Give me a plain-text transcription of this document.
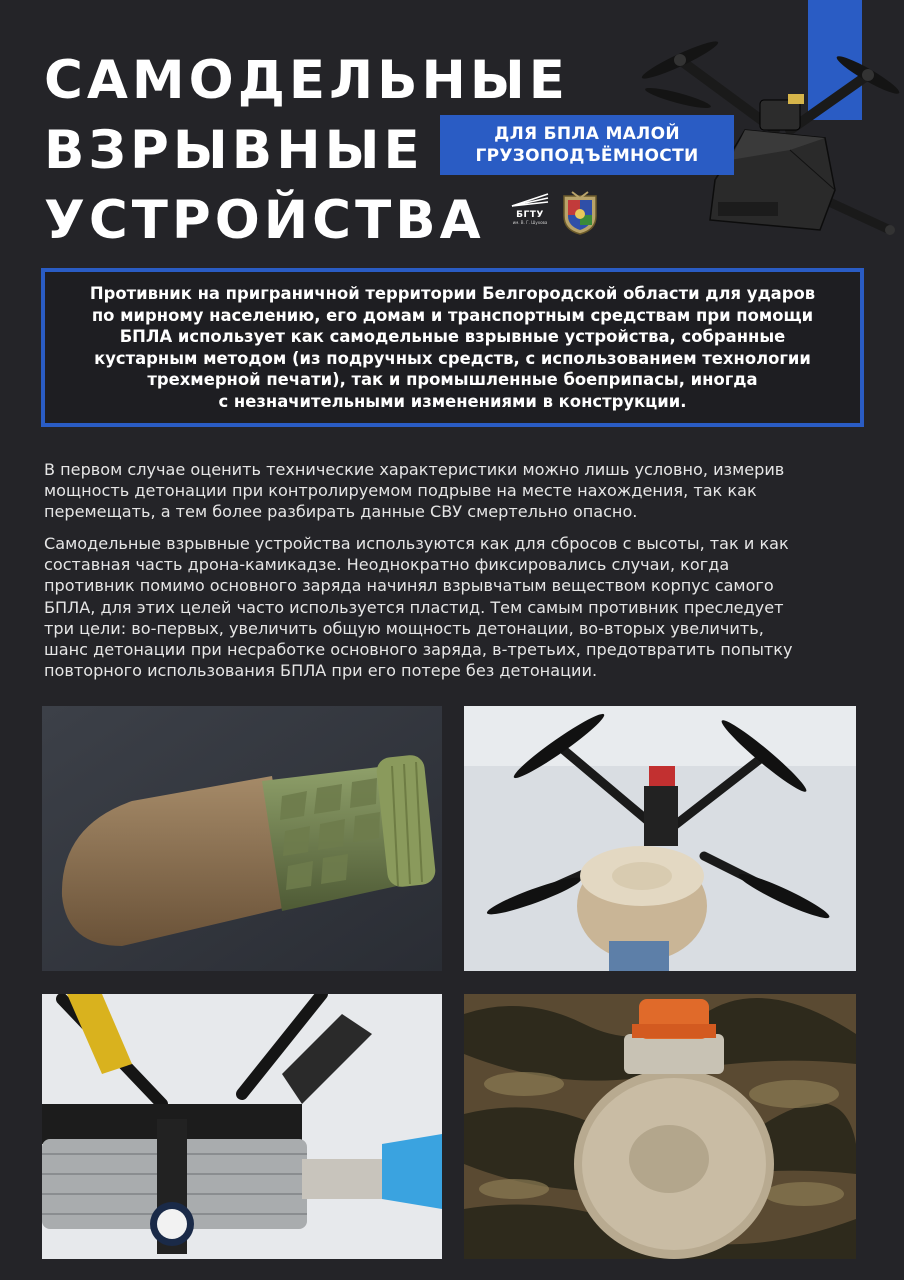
САМОДЕЛЬНЫЕ
ВЗРЫВНЫЕ
УСТРОЙСТВА
ДЛЯ БПЛА МАЛОЙ
ГРУЗОПОДЪЁМНОСТИ
БГТУ
им. В. Г. Шухова

Противник на приграничной территории Белгородской области для ударов
по мирному населению, его домам и транспортным средствам при помощи
БПЛА использует как самодельные взрывные устройства, собранные
кустарным методом (из подручных средств, с использованием технологии
трехмерной печати), так и промышленные боеприпасы, иногда
с незначительными изменениями в конструкции.

В первом случае оценить технические характеристики можно лишь условно, измерив
мощность детонации при контролируемом подрыве на месте нахождения, так как
перемещать, а тем более разбирать данные СВУ смертельно опасно.
Самодельные взрывные устройства используются как для сбросов с высоты, так и как
составная часть дрона-камикадзе. Неоднократно фиксировались случаи, когда
противник помимо основного заряда начинял взрывчатым веществом корпус самого
БПЛА, для этих целей часто используется пластид. Тем самым противник преследует
три цели: во-первых, увеличить общую мощность детонации, во-вторых увеличить,
шанс детонации при несработке основного заряда, в-третьих, предотвратить попытку
повторного использования БПЛА при его потере без детонации.
